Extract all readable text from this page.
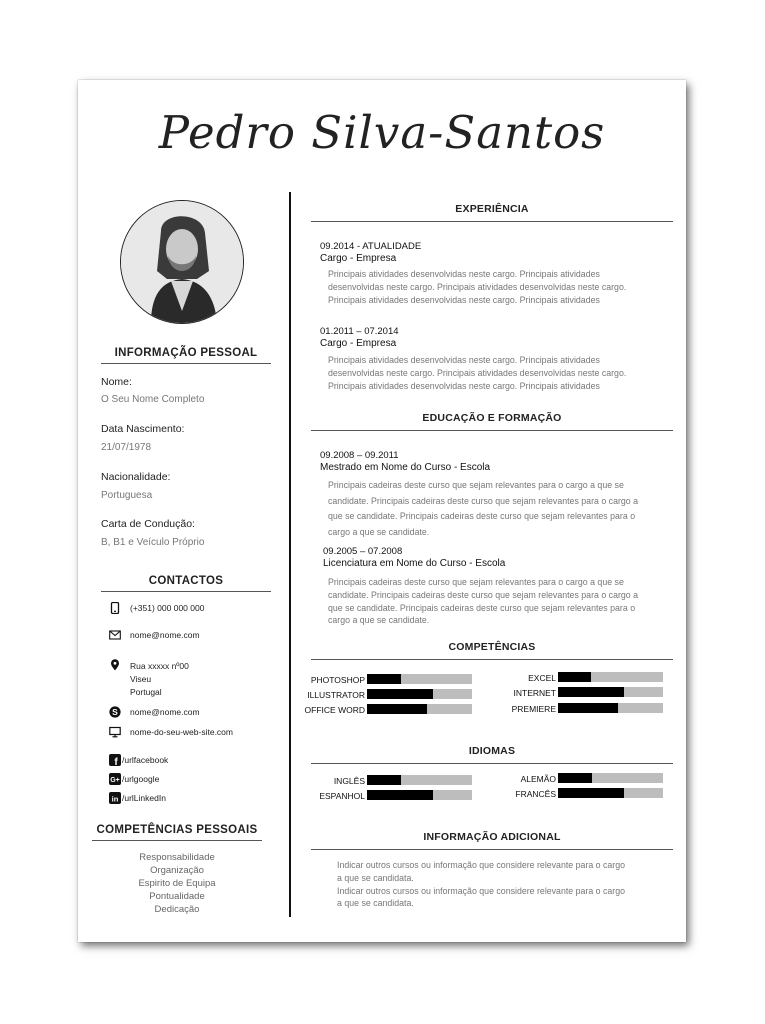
Pedro Silva-Santos
INFORMAÇÃO PESSOAL
Nome:
O Seu Nome Completo
Data Nascimento:
21/07/1978
Nacionalidade:
Portuguesa
Carta de Condução:
B, B1 e Veículo Próprio
CONTACTOS
(+351) 000 000 000
nome@nome.com
Rua xxxxx nº00
Viseu
Portugal
S nome@nome.com
nome-do-seu-web-site.com
f /urlfacebook
G+ /urlgoogle
in /urlLinkedIn
COMPETÊNCIAS PESSOAIS
Responsabilidade
Organização
Espirito de Equipa
Pontualidade
Dedicação
EXPERIÊNCIA
09.2014 - ATUALIDADE
Cargo - Empresa
Principais atividades desenvolvidas neste cargo. Principais atividades
desenvolvidas neste cargo. Principais atividades desenvolvidas neste cargo.
Principais atividades desenvolvidas neste cargo. Principais atividades
01.2011 – 07.2014
Cargo - Empresa
Principais atividades desenvolvidas neste cargo. Principais atividades
desenvolvidas neste cargo. Principais atividades desenvolvidas neste cargo.
Principais atividades desenvolvidas neste cargo. Principais atividades
EDUCAÇÃO E FORMAÇÃO
09.2008 – 09.2011
Mestrado em Nome do Curso - Escola
Principais cadeiras deste curso que sejam relevantes para o cargo a que se
candidate. Principais cadeiras deste curso que sejam relevantes para o cargo a
que se candidate. Principais cadeiras deste curso que sejam relevantes para o
cargo a que se candidate.
09.2005 – 07.2008
Licenciatura em Nome do Curso - Escola
Principais cadeiras deste curso que sejam relevantes para o cargo a que se
candidate. Principais cadeiras deste curso que sejam relevantes para o cargo a
que se candidate. Principais cadeiras deste curso que sejam relevantes para o
cargo a que se candidate.
COMPETÊNCIAS
PHOTOSHOP
ILLUSTRATOR
OFFICE WORD
EXCEL
INTERNET
PREMIERE
IDIOMAS
INGLÊS
ESPANHOL
ALEMÃO
FRANCÊS
INFORMAÇÃO ADICIONAL
Indicar outros cursos ou informação que considere relevante para o cargo
a que se candidata.
Indicar outros cursos ou informação que considere relevante para o cargo
a que se candidata.
